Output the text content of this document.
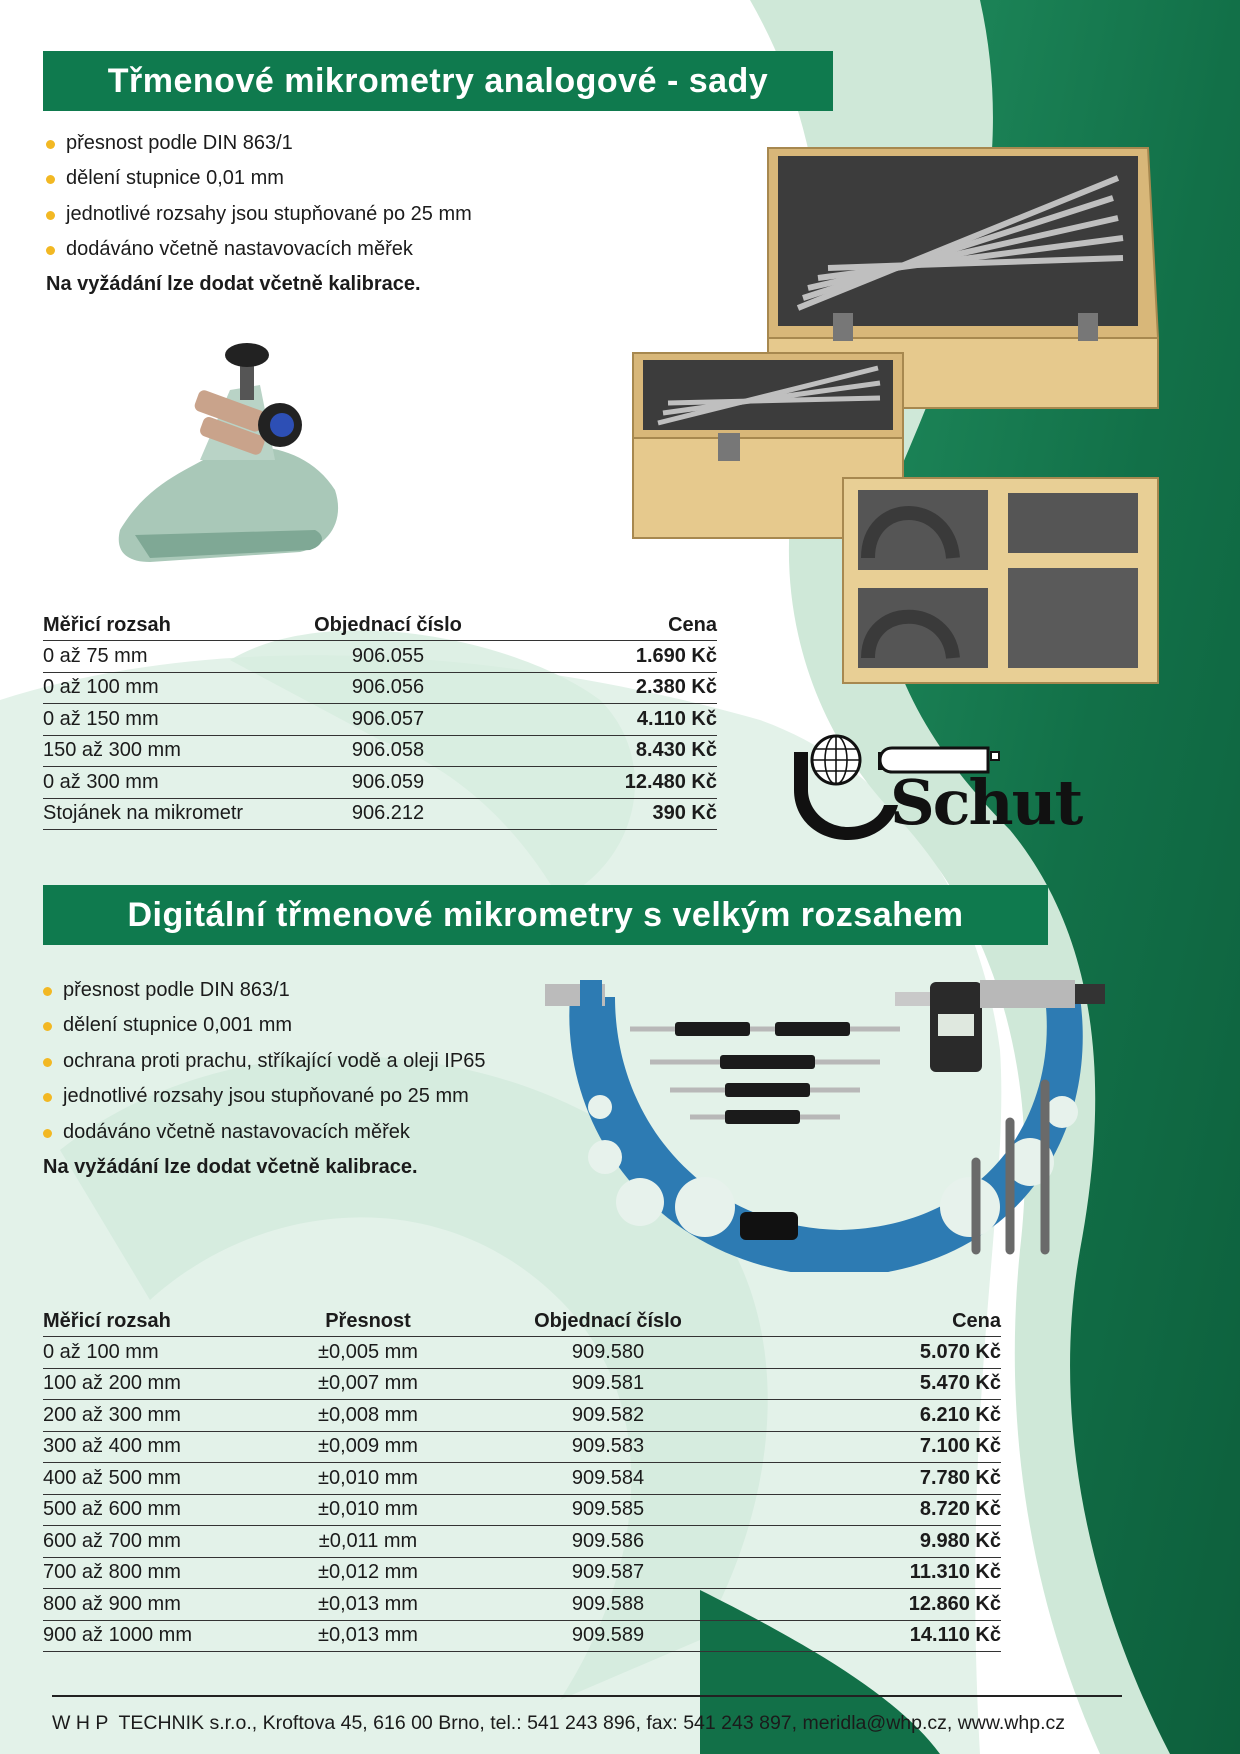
Třmenové mikrometry analogové - sady
přesnost podle DIN 863/1
dělení stupnice 0,01 mm
jednotlivé rozsahy jsou stupňované po 25 mm
dodáváno včetně nastavovacích měřek
Na vyžádání lze dodat včetně kalibrace.
Měřicí rozsah	Objednací číslo	Cena
0 až 75 mm	906.055	1.690 Kč
0 až 100 mm	906.056	2.380 Kč
0 až 150 mm	906.057	4.110 Kč
150 až 300 mm	906.058	8.430 Kč
0 až 300 mm	906.059	12.480 Kč
Stojánek na mikrometr	906.212	390 Kč	Schut
Digitální třmenové mikrometry s velkým rozsahem
přesnost podle DIN 863/1
dělení stupnice 0,001 mm
ochrana proti prachu, stříkající vodě a oleji IP65
jednotlivé rozsahy jsou stupňované po 25 mm
dodáváno včetně nastavovacích měřek
Na vyžádání lze dodat včetně kalibrace.
Měřicí rozsah	Přesnost	Objednací číslo	Cena
0 až 100 mm	±0,005 mm	909.580	5.070 Kč
100 až 200 mm	±0,007 mm	909.581	5.470 Kč
200 až 300 mm	±0,008 mm	909.582	6.210 Kč
300 až 400 mm	±0,009 mm	909.583	7.100 Kč
400 až 500 mm	±0,010 mm	909.584	7.780 Kč
500 až 600 mm	±0,010 mm	909.585	8.720 Kč
600 až 700 mm	±0,011 mm	909.586	9.980 Kč
700 až 800 mm	±0,012 mm	909.587	11.310 Kč
800 až 900 mm	±0,013 mm	909.588	12.860 Kč
900 až 1000 mm	±0,013 mm	909.589	14.110 Kč
W H P  TECHNIK s.r.o., Kroftova 45, 616 00 Brno, tel.: 541 243 896, fax: 541 243 897, meridla@whp.cz, www.whp.cz
